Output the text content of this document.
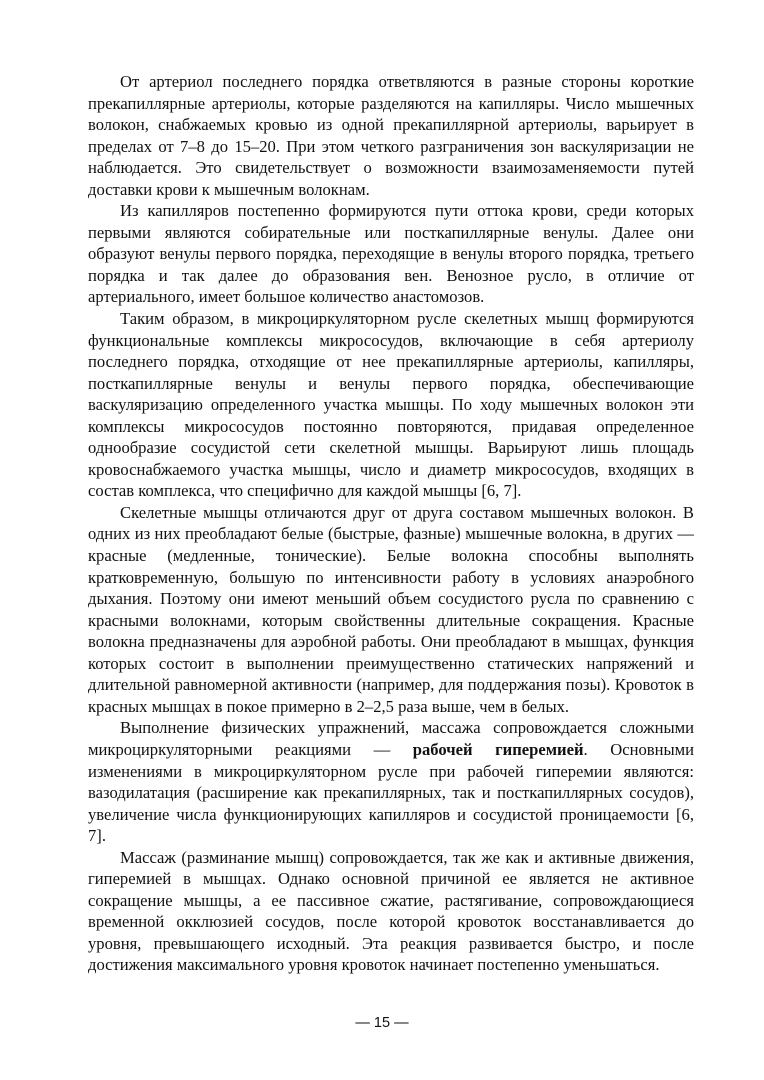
От артериол последнего порядка ответвляются в разные стороны короткие прекапиллярные артериолы, которые разделяются на капилляры. Число мышечных волокон, снабжаемых кровью из одной прекапиллярной артериолы, варьирует в пределах от 7–8 до 15–20. При этом четкого разграничения зон васкуляризации не наблюдается. Это свидетельствует о возможности взаимозаменяемости путей доставки крови к мышечным волокнам.

Из капилляров постепенно формируются пути оттока крови, среди которых первыми являются собирательные или посткапиллярные венулы. Далее они образуют венулы первого порядка, переходящие в венулы второго порядка, третьего порядка и так далее до образования вен. Венозное русло, в отличие от артериального, имеет большое количество анастомозов.

Таким образом, в микроциркуляторном русле скелетных мышц формируются функциональные комплексы микрососудов, включающие в себя артериолу последнего порядка, отходящие от нее прекапиллярные артериолы, капилляры, посткапиллярные венулы и венулы первого порядка, обеспечивающие васкуляризацию определенного участка мышцы. По ходу мышечных волокон эти комплексы микрососудов постоянно повторяются, придавая определенное однообразие сосудистой сети скелетной мышцы. Варьируют лишь площадь кровоснабжаемого участка мышцы, число и диаметр микрососудов, входящих в состав комплекса, что специфично для каждой мышцы [6, 7].

Скелетные мышцы отличаются друг от друга составом мышечных волокон. В одних из них преобладают белые (быстрые, фазные) мышечные волокна, в других — красные (медленные, тонические). Белые волокна способны выполнять кратковременную, большую по интенсивности работу в условиях анаэробного дыхания. Поэтому они имеют меньший объем сосудистого русла по сравнению с красными волокнами, которым свойственны длительные сокращения. Красные волокна предназначены для аэробной работы. Они преобладают в мышцах, функция которых состоит в выполнении преимущественно статических напряжений и длительной равномерной активности (например, для поддержания позы). Кровоток в красных мышцах в покое примерно в 2–2,5 раза выше, чем в белых.

Выполнение физических упражнений, массажа сопровождается сложными микроциркуляторными реакциями — рабочей гиперемией. Основными изменениями в микроциркуляторном русле при рабочей гиперемии являются: вазодилатация (расширение как прекапиллярных, так и посткапиллярных сосудов), увеличение числа функционирующих капилляров и сосудистой проницаемости [6, 7].

Массаж (разминание мышц) сопровождается, так же как и активные движения, гиперемией в мышцах. Однако основной причиной ее является не активное сокращение мышцы, а ее пассивное сжатие, растягивание, сопровождающиеся временной окклюзией сосудов, после которой кровоток восстанавливается до уровня, превышающего исходный. Эта реакция развивается быстро, и после достижения максимального уровня кровоток начинает постепенно уменьшаться.

— 15 —
